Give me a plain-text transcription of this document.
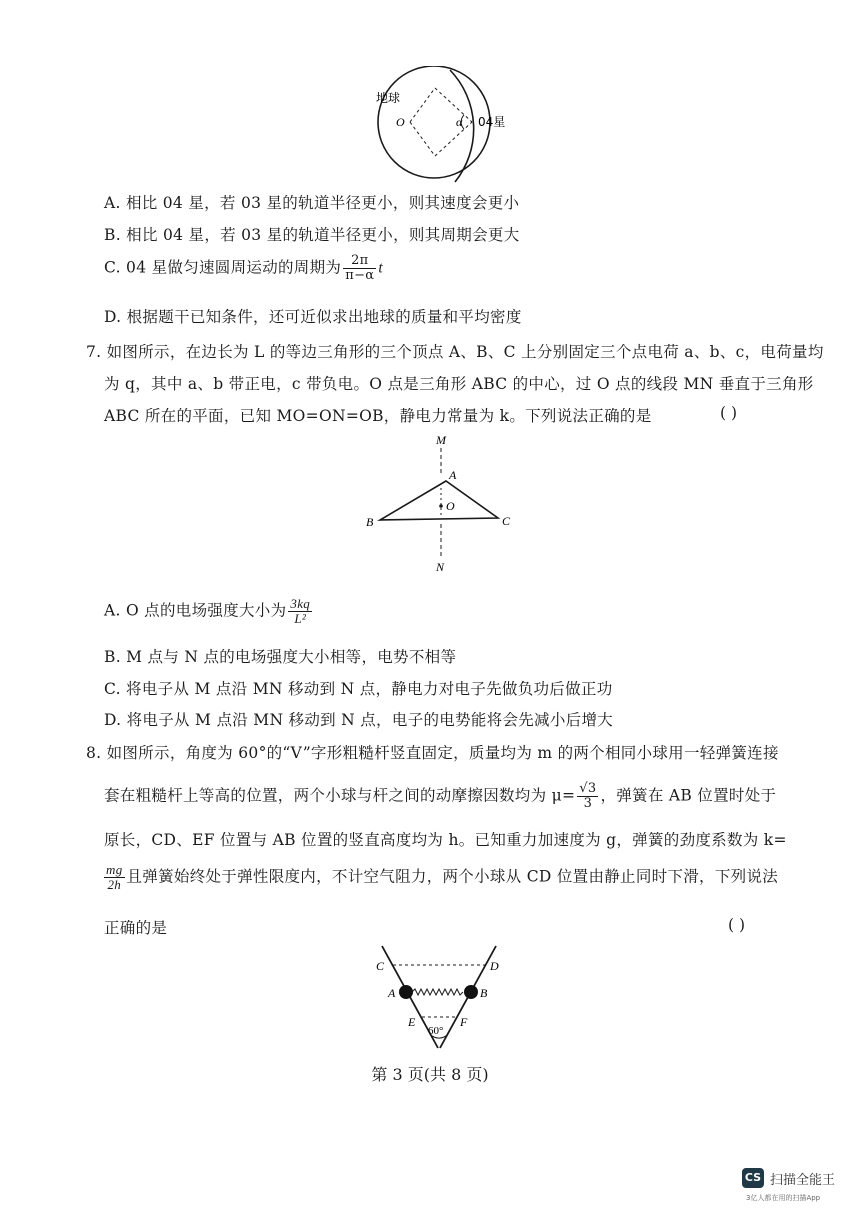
地球
O	α 04星
A. 相比 04 星，若 03 星的轨道半径更小，则其速度会更小
B. 相比 04 星，若 03 星的轨道半径更小，则其周期会更大
C. 04 星做匀速圆周运动的周期为 $\frac{2\pi}{\pi-\alpha}$ t
D. 根据题干已知条件，还可近似求出地球的质量和平均密度
7. 如图所示，在边长为 L 的等边三角形的三个顶点 A、B、C 上分别固定三个点电荷 a、b、c，电荷量均
为 q，其中 a、b 带正电，c 带负电。O 点是三角形 ABC 的中心，过 O 点的线段 MN 垂直于三角形
ABC 所在的平面，已知 MO=ON=OB，静电力常量为 k。下列说法正确的是	( )
M
A
O
B	C
N
A. O 点的电场强度大小为 $\frac{3kq}{\text{L²}}$
B. M 点与 N 点的电场强度大小相等，电势不相等
C. 将电子从 M 点沿 MN 移动到 N 点，静电力对电子先做负功后做正功
D. 将电子从 M 点沿 MN 移动到 N 点，电子的电势能将会先减小后增大
8. 如图所示，角度为 60°的“V”字形粗糙杆竖直固定，质量均为 m 的两个相同小球用一轻弹簧连接
套在粗糙杆上等高的位置，两个小球与杆之间的动摩擦因数均为 $\mu= \frac{√3}{3}$ ，弹簧在 AB 位置时处于
原长，CD、EF 位置与 AB 位置的竖直高度均为 h。已知重力加速度为 g，弹簧的劲度系数为 k=
$\frac{mg}{2h}$ 且弹簧始终处于弹性限度内，不计空气阻力，两个小球从 CD 位置由静止同时下滑，下列说法
正确的是	( )
C	D
A	B
E	F
60°
第 3 页(共 8 页)
CS 扫描全能王
3亿人都在用的扫描App
